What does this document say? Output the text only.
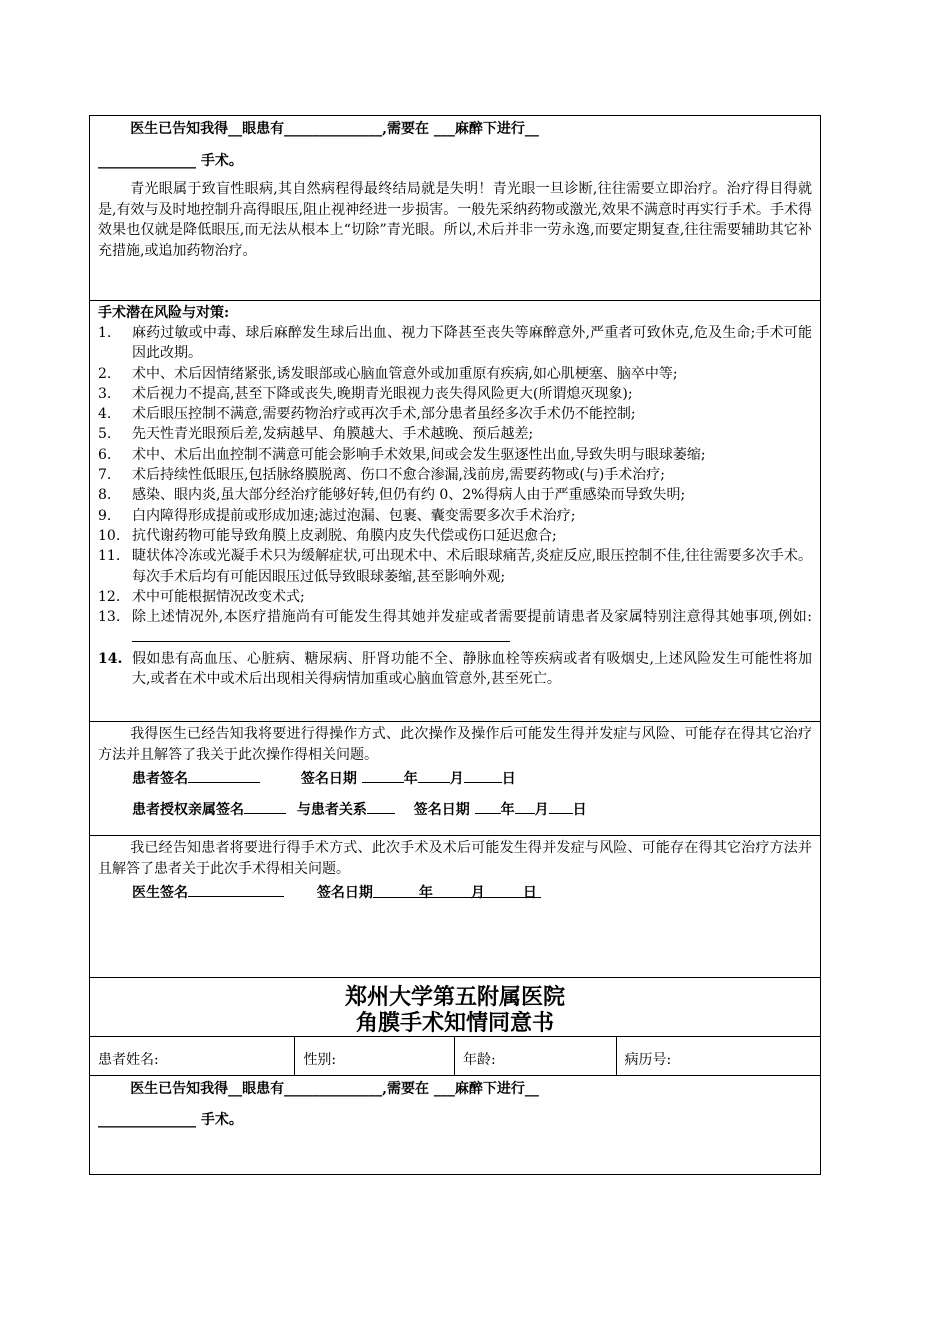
医生已告知我得__眼患有______________,需要在 ___麻醉下进行__
______________ 手术。
青光眼属于致盲性眼病,其自然病程得最终结局就是失明！青光眼一旦诊断,往往需要立即治疗。治疗得目得就是,有效与及时地控制升高得眼压,阻止视神经进一步损害。一般先采纳药物或激光,效果不满意时再实行手术。手术得效果也仅就是降低眼压,而无法从根本上“切除”青光眼。所以,术后并非一劳永逸,而要定期复查,往往需要辅助其它补充措施,或追加药物治疗。
手术潜在风险与对策:
1.	麻药过敏或中毒、球后麻醉发生球后出血、视力下降甚至丧失等麻醉意外,严重者可致休克,危及生命;手术可能因此改期。
2.	术中、术后因情绪紧张,诱发眼部或心脑血管意外或加重原有疾病,如心肌梗塞、脑卒中等;
3.	术后视力不提高,甚至下降或丧失,晚期青光眼视力丧失得风险更大(所谓熄灭现象);
4.	术后眼压控制不满意,需要药物治疗或再次手术,部分患者虽经多次手术仍不能控制;
5.	先天性青光眼预后差,发病越早、角膜越大、手术越晚、预后越差;
6.	术中、术后出血控制不满意可能会影响手术效果,间或会发生驱逐性出血,导致失明与眼球萎缩;
7.	术后持续性低眼压,包括脉络膜脱离、伤口不愈合渗漏,浅前房,需要药物或(与)手术治疗;
8.	感染、眼内炎,虽大部分经治疗能够好转,但仍有约 0、2%得病人由于严重感染而导致失明;
9.	白内障得形成提前或形成加速;滤过泡漏、包裹、囊变需要多次手术治疗;
10. 抗代谢药物可能导致角膜上皮剥脱、角膜内皮失代偿或伤口延迟愈合;
11. 睫状体冷冻或光凝手术只为缓解症状,可出现术中、术后眼球痛苦,炎症反应,眼压控制不佳,往往需要多次手术。每次手术后均有可能因眼压过低导致眼球萎缩,甚至影响外观;
12. 术中可能根据情况改变术式;
13. 除上述情况外,本医疗措施尚有可能发生得其她并发症或者需要提前请患者及家属特别注意得其她事项,例如:
14. 假如患有高血压、心脏病、糖尿病、肝肾功能不全、静脉血栓等疾病或者有吸烟史,上述风险发生可能性将加大,或者在术中或术后出现相关得病情加重或心脑血管意外,甚至死亡。
我得医生已经告知我将要进行得操作方式、此次操作及操作后可能发生得并发症与风险、可能存在得其它治疗方法并且解答了我关于此次操作得相关问题。
患者签名	签名日期	年 月	日
患者授权亲属签名	与患者关系	签名日期 年 月 日
我已经告知患者将要进行得手术方式、此次手术及术后可能发生得并发症与风险、可能存在得其它治疗方法并且解答了患者关于此次手术得相关问题。
医生签名	签名日期	年	月	日
郑州大学第五附属医院
角膜手术知情同意书
患者姓名:	性别:	年龄:	病历号:
医生已告知我得__眼患有______________,需要在 ___麻醉下进行__
______________ 手术。
